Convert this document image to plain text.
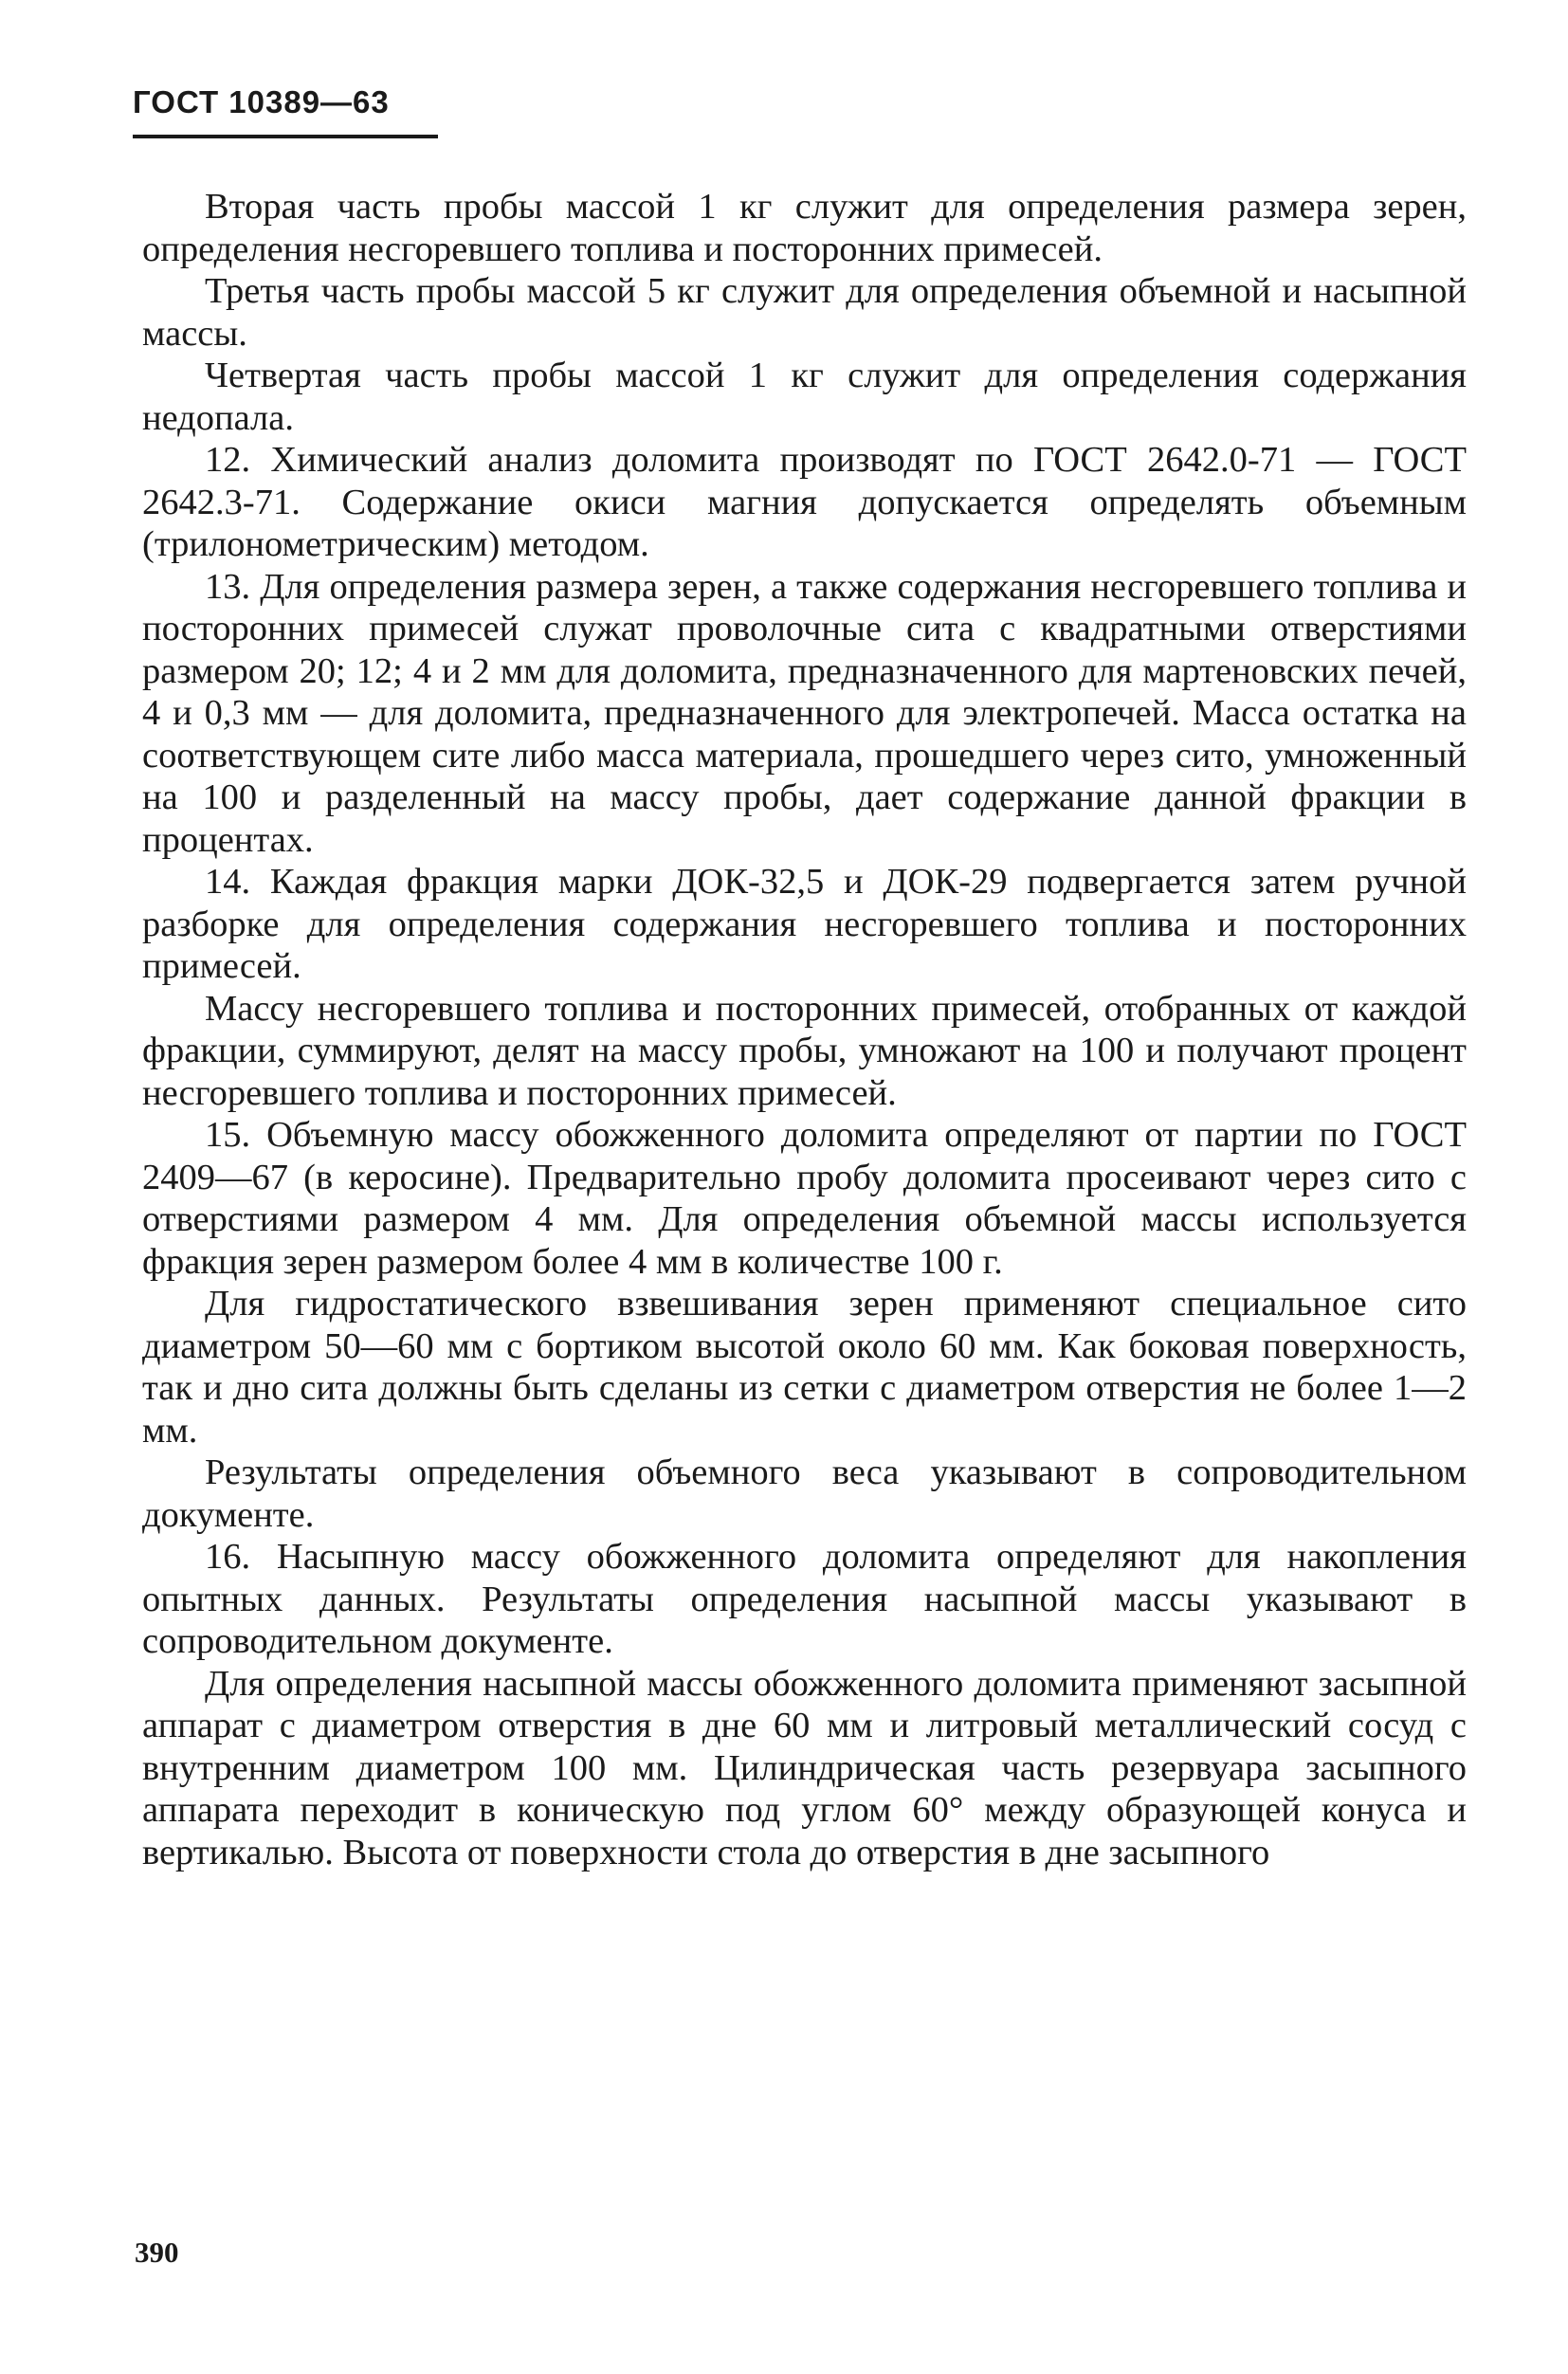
ГОСТ 10389—63

Вторая часть пробы массой 1 кг служит для определения размера зерен, определения несгоревшего топлива и посторонних примесей.

Третья часть пробы массой 5 кг служит для определения объемной и насыпной массы.

Четвертая часть пробы массой 1 кг служит для определения содержания недопала.

12. Химический анализ доломита производят по ГОСТ 2642.0-71 — ГОСТ 2642.3-71. Содержание окиси магния допускается определять объемным (трилонометрическим) методом.

13. Для определения размера зерен, а также содержания несгоревшего топлива и посторонних примесей служат проволочные сита с квадратными отверстиями размером 20; 12; 4 и 2 мм для доломита, предназначенного для мартеновских печей, 4 и 0,3 мм — для доломита, предназначенного для электропечей. Масса остатка на соответствующем сите либо масса материала, прошедшего через сито, умноженный на 100 и разделенный на массу пробы, дает содержание данной фракции в процентах.

14. Каждая фракция марки ДОК-32,5 и ДОК-29 подвергается затем ручной разборке для определения содержания несгоревшего топлива и посторонних примесей.

Массу несгоревшего топлива и посторонних примесей, отобранных от каждой фракции, суммируют, делят на массу пробы, умножают на 100 и получают процент несгоревшего топлива и посторонних примесей.

15. Объемную массу обожженного доломита определяют от партии по ГОСТ 2409—67 (в керосине). Предварительно пробу доломита просеивают через сито с отверстиями размером 4 мм. Для определения объемной массы используется фракция зерен размером более 4 мм в количестве 100 г.

Для гидростатического взвешивания зерен применяют специальное сито диаметром 50—60 мм с бортиком высотой около 60 мм. Как боковая поверхность, так и дно сита должны быть сделаны из сетки с диаметром отверстия не более 1—2 мм.

Результаты определения объемного веса указывают в сопроводительном документе.

16. Насыпную массу обожженного доломита определяют для накопления опытных данных. Результаты определения насыпной массы указывают в сопроводительном документе.

Для определения насыпной массы обожженного доломита применяют засыпной аппарат с диаметром отверстия в дне 60 мм и литровый металлический сосуд с внутренним диаметром 100 мм. Цилиндрическая часть резервуара засыпного аппарата переходит в коническую под углом 60° между образующей конуса и вертикалью. Высота от поверхности стола до отверстия в дне засыпного

390
